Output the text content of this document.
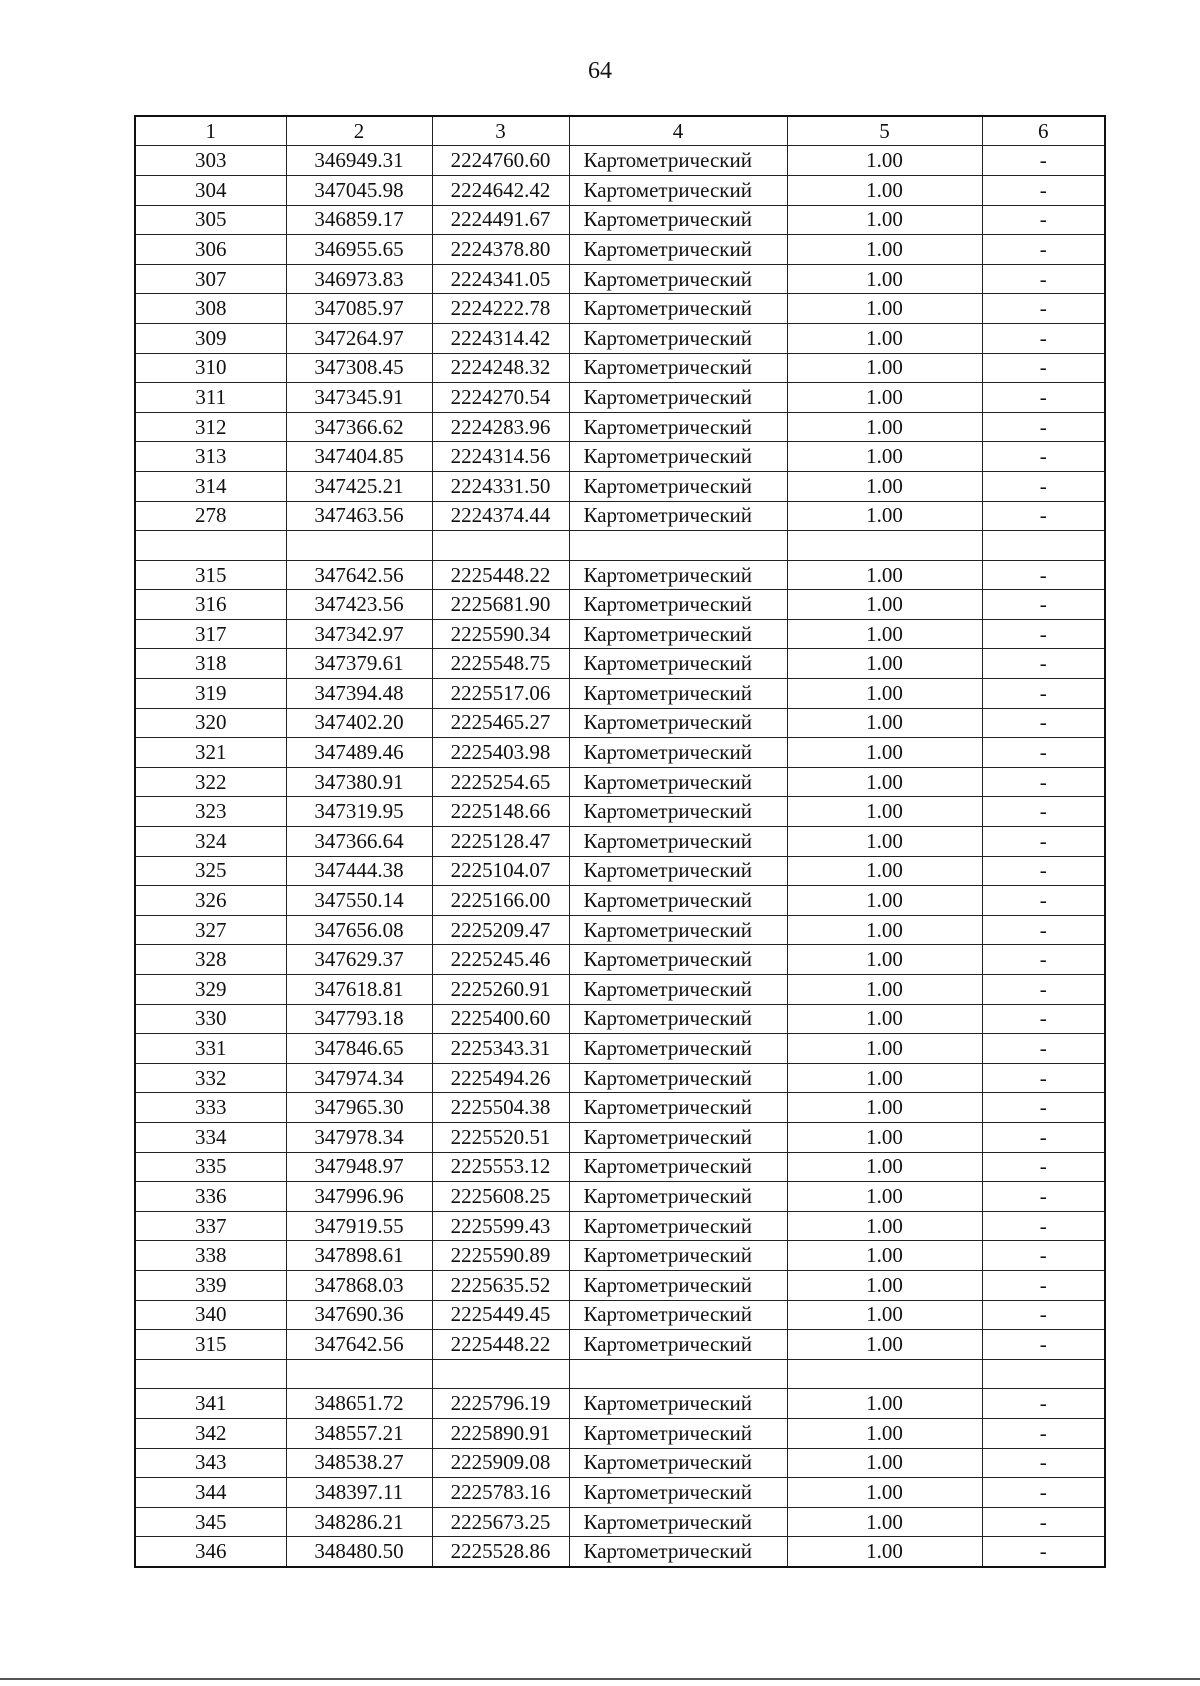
64
1	2	3	4	5	6
303	346949.31	2224760.60	Картометрический	1.00	-
304	347045.98	2224642.42	Картометрический	1.00	-
305	346859.17	2224491.67	Картометрический	1.00	-
306	346955.65	2224378.80	Картометрический	1.00	-
307	346973.83	2224341.05	Картометрический	1.00	-
308	347085.97	2224222.78	Картометрический	1.00	-
309	347264.97	2224314.42	Картометрический	1.00	-
310	347308.45	2224248.32	Картометрический	1.00	-
311	347345.91	2224270.54	Картометрический	1.00	-
312	347366.62	2224283.96	Картометрический	1.00	-
313	347404.85	2224314.56	Картометрический	1.00	-
314	347425.21	2224331.50	Картометрический	1.00	-
278	347463.56	2224374.44	Картометрический	1.00	-

315	347642.56	2225448.22	Картометрический	1.00	-
316	347423.56	2225681.90	Картометрический	1.00	-
317	347342.97	2225590.34	Картометрический	1.00	-
318	347379.61	2225548.75	Картометрический	1.00	-
319	347394.48	2225517.06	Картометрический	1.00	-
320	347402.20	2225465.27	Картометрический	1.00	-
321	347489.46	2225403.98	Картометрический	1.00	-
322	347380.91	2225254.65	Картометрический	1.00	-
323	347319.95	2225148.66	Картометрический	1.00	-
324	347366.64	2225128.47	Картометрический	1.00	-
325	347444.38	2225104.07	Картометрический	1.00	-
326	347550.14	2225166.00	Картометрический	1.00	-
327	347656.08	2225209.47	Картометрический	1.00	-
328	347629.37	2225245.46	Картометрический	1.00	-
329	347618.81	2225260.91	Картометрический	1.00	-
330	347793.18	2225400.60	Картометрический	1.00	-
331	347846.65	2225343.31	Картометрический	1.00	-
332	347974.34	2225494.26	Картометрический	1.00	-
333	347965.30	2225504.38	Картометрический	1.00	-
334	347978.34	2225520.51	Картометрический	1.00	-
335	347948.97	2225553.12	Картометрический	1.00	-
336	347996.96	2225608.25	Картометрический	1.00	-
337	347919.55	2225599.43	Картометрический	1.00	-
338	347898.61	2225590.89	Картометрический	1.00	-
339	347868.03	2225635.52	Картометрический	1.00	-
340	347690.36	2225449.45	Картометрический	1.00	-
315	347642.56	2225448.22	Картометрический	1.00	-

341	348651.72	2225796.19	Картометрический	1.00	-
342	348557.21	2225890.91	Картометрический	1.00	-
343	348538.27	2225909.08	Картометрический	1.00	-
344	348397.11	2225783.16	Картометрический	1.00	-
345	348286.21	2225673.25	Картометрический	1.00	-
346	348480.50	2225528.86	Картометрический	1.00	-
